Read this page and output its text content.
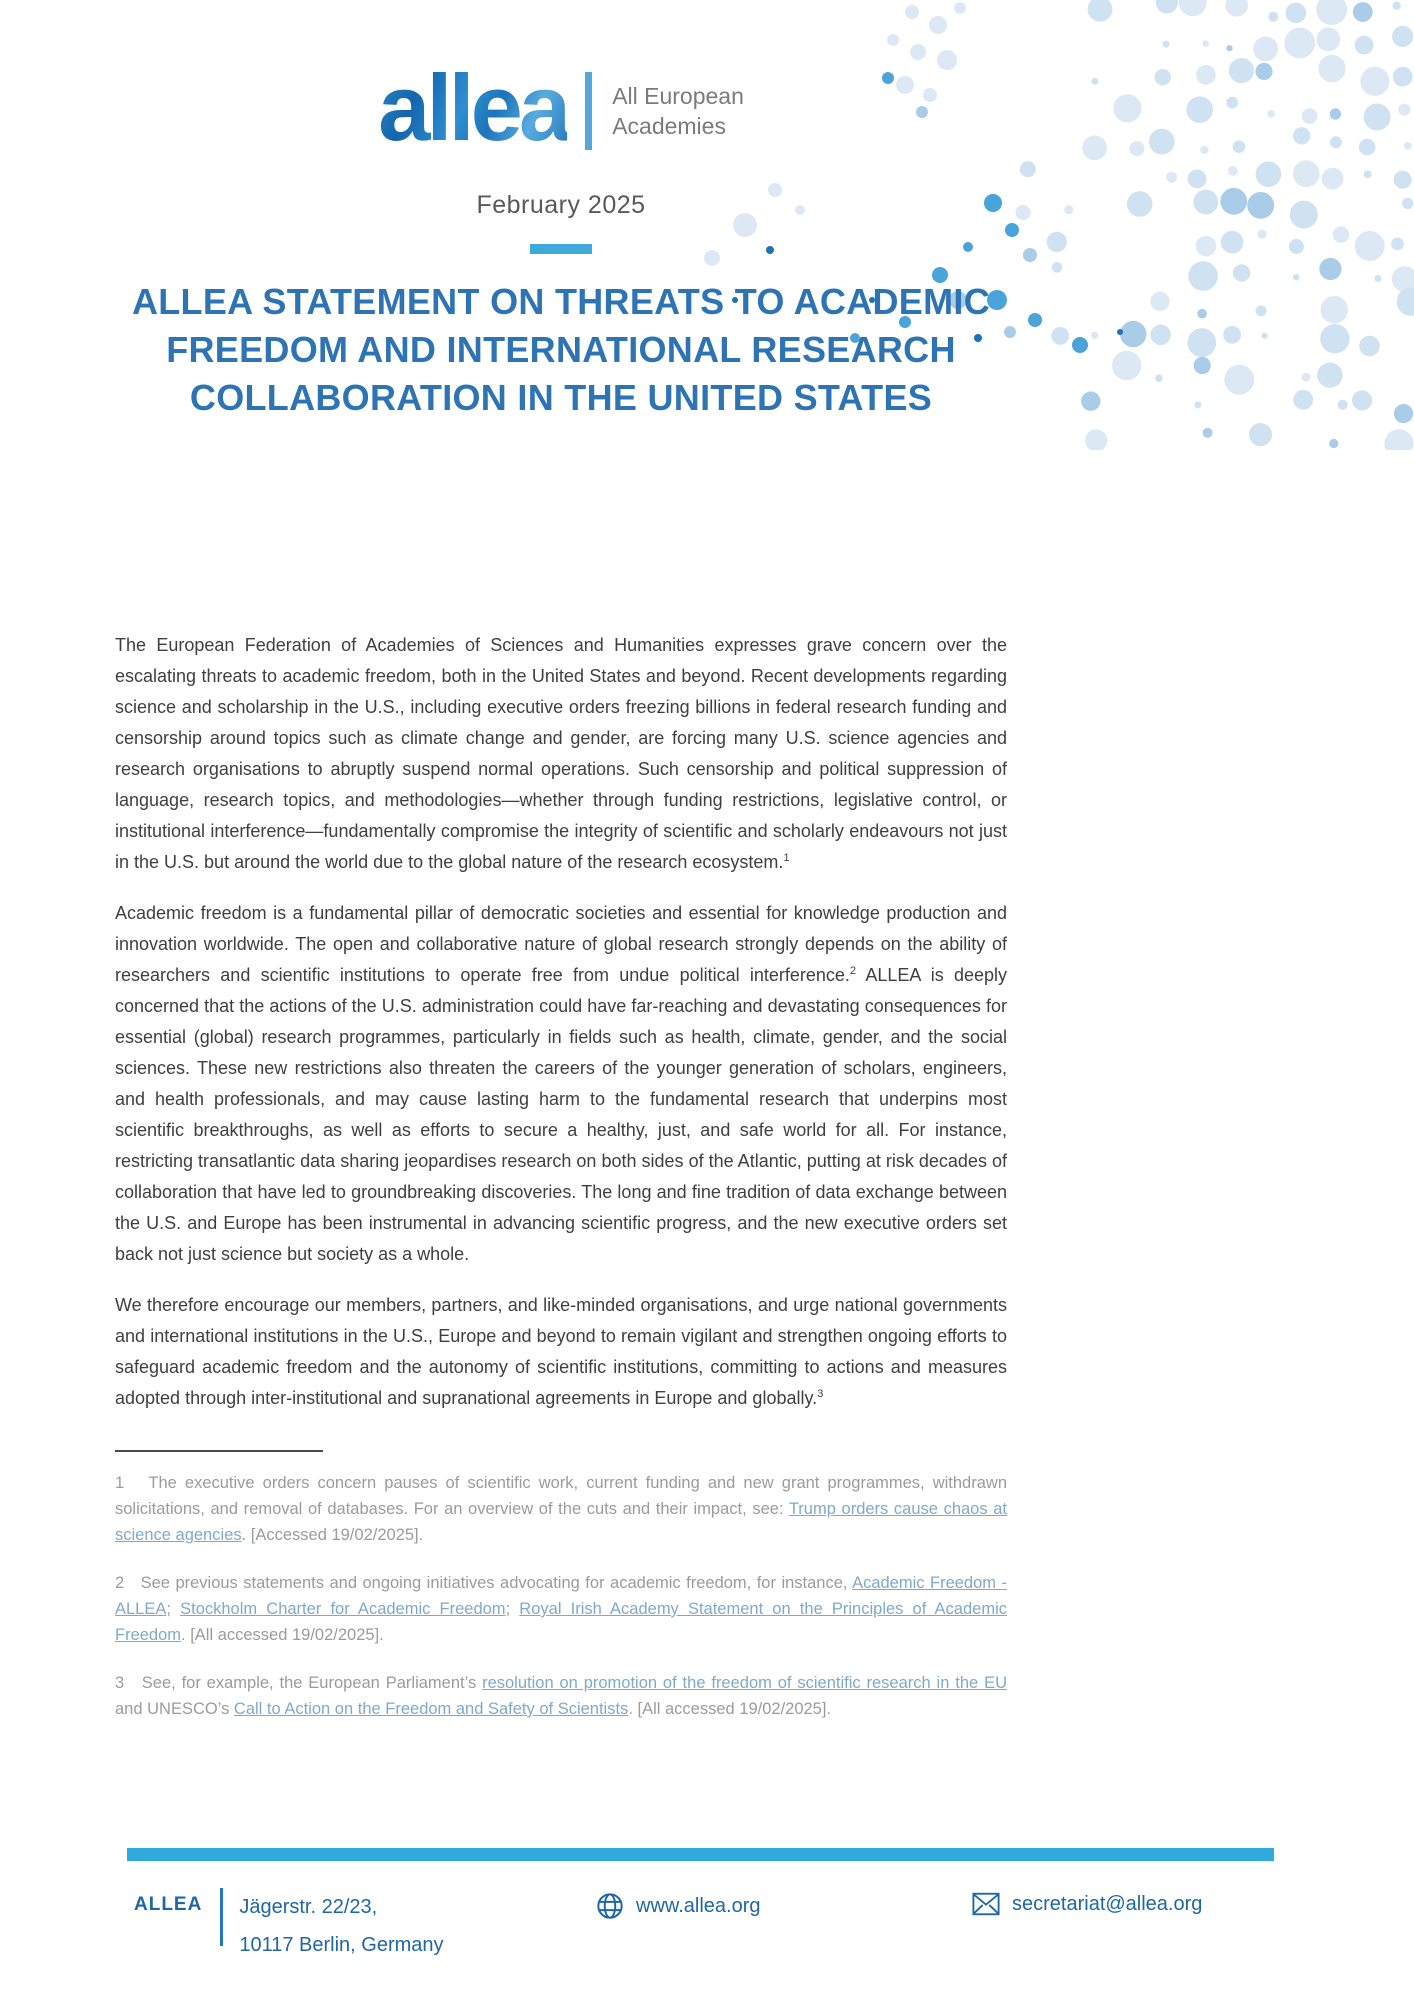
allea All European
Academies
February 2025
ALLEA STATEMENT ON THREATS TO ACADEMIC
FREEDOM AND INTERNATIONAL RESEARCH
COLLABORATION IN THE UNITED STATES

The European Federation of Academies of Sciences and Humanities expresses grave concern over the escalating threats to academic freedom, both in the United States and beyond. Recent developments regarding science and scholarship in the U.S., including executive orders freezing billions in federal research funding and censorship around topics such as climate change and gender, are forcing many U.S. science agencies and research organisations to abruptly suspend normal operations. Such censorship and political suppression of language, research topics, and methodologies—whether through funding restrictions, legislative control, or institutional interference—fundamentally compromise the integrity of scientific and scholarly endeavours not just in the U.S. but around the world due to the global nature of the research ecosystem.$^1$

Academic freedom is a fundamental pillar of democratic societies and essential for knowledge production and innovation worldwide. The open and collaborative nature of global research strongly depends on the ability of researchers and scientific institutions to operate free from undue political interference.$^2$ ALLEA is deeply concerned that the actions of the U.S. administration could have far-reaching and devastating consequences for essential (global) research programmes, particularly in fields such as health, climate, gender, and the social sciences. These new restrictions also threaten the careers of the younger generation of scholars, engineers, and health professionals, and may cause lasting harm to the fundamental research that underpins most scientific breakthroughs, as well as efforts to secure a healthy, just, and safe world for all. For instance, restricting transatlantic data sharing jeopardises research on both sides of the Atlantic, putting at risk decades of collaboration that have led to groundbreaking discoveries. The long and fine tradition of data exchange between the U.S. and Europe has been instrumental in advancing scientific progress, and the new executive orders set back not just science but society as a whole.

We therefore encourage our members, partners, and like-minded organisations, and urge national governments and international institutions in the U.S., Europe and beyond to remain vigilant and strengthen ongoing efforts to safeguard academic freedom and the autonomy of scientific institutions, committing to actions and measures adopted through inter-institutional and supranational agreements in Europe and globally.$^3$

1   The executive orders concern pauses of scientific work, current funding and new grant programmes, withdrawn solicitations, and removal of databases. For an overview of the cuts and their impact, see: Trump orders cause chaos at science agencies. [Accessed 19/02/2025].

2   See previous statements and ongoing initiatives advocating for academic freedom, for instance, Academic Freedom - ALLEA; Stockholm Charter for Academic Freedom; Royal Irish Academy Statement on the Principles of Academic Freedom. [All accessed 19/02/2025].

3   See, for example, the European Parliament’s resolution on promotion of the freedom of scientific research in the EU and UNESCO’s Call to Action on the Freedom and Safety of Scientists. [All accessed 19/02/2025].

ALLEA Jägerstr. 22/23,
10117 Berlin, Germany
www.allea.org	secretariat@allea.org
